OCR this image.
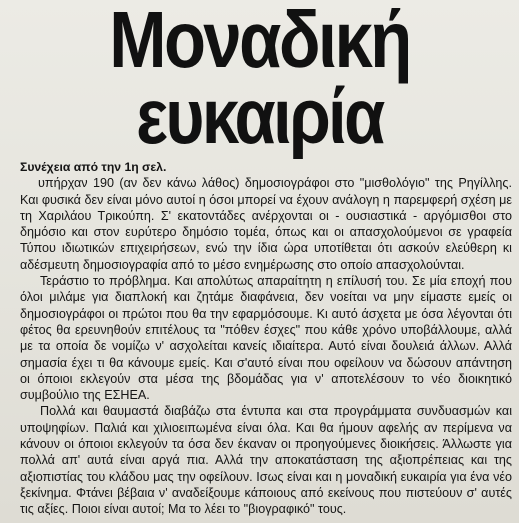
Μοναδική
ευκαιρία

Συνέχεια από την 1η σελ.

υπήρχαν 190 (αν δεν κάνω λάθος) δημοσιογράφοι στο "μισθολόγιο" της Ρηγίλλης. Και φυσικά δεν είναι μόνο αυτοί η όσοι μπορεί να έχουν ανάλογη η παρεμφερή σχέση με τη Χαριλάου Τρικούπη. Σ' εκατοντάδες ανέρχονται οι - ουσιαστικά - αργόμισθοι στο δημόσιο και στον ευρύτερο δημόσιο τομέα, όπως και οι απασχολούμενοι σε γραφεία Τύπου ιδιωτικών επιχειρήσεων, ενώ την ίδια ώρα υποτίθεται ότι ασκούν ελεύθερη κι αδέσμευτη δημοσιογραφία από το μέσο ενημέρωσης στο οποίο απασχολούνται.

Τεράστιο το πρόβλημα. Και απολύτως απαραίτητη η επίλυσή του. Σε μία εποχή που όλοι μιλάμε για διαπλοκή και ζητάμε διαφάνεια, δεν νοείται να μην είμαστε εμείς οι δημοσιογράφοι οι πρώτοι που θα την εφαρμόσουμε. Κι αυτό άσχετα με όσα λέγονται ότι φέτος θα ερευνηθούν επιτέλους τα "πόθεν έσχες" που κάθε χρόνο υποβάλλουμε, αλλά με τα οποία δε νομίζω ν' ασχολείται κανείς ιδιαίτερα. Αυτό είναι δουλειά άλλων. Αλλά σημασία έχει τι θα κάνουμε εμείς. Και σ'αυτό είναι που οφείλουν να δώσουν απάντηση οι όποιοι εκλεγούν στα μέσα της βδομάδας για ν' αποτελέσουν το νέο διοικητικό συμβούλιο της ΕΣΗΕΑ.

Πολλά και θαυμαστά διαβάζω στα έντυπα και στα προγράμματα συνδυασμών και υποψηφίων. Παλιά και χιλιοειπωμένα είναι όλα. Και θα ήμουν αφελής αν περίμενα να κάνουν οι όποιοι εκλεγούν τα όσα δεν έκαναν οι προηγούμενες διοικήσεις. Άλλωστε για πολλά απ' αυτά είναι αργά πια. Αλλά την αποκατάσταση της αξιοπρέπειας και της αξιοπιστίας του κλάδου μας την οφείλουν. Ισως είναι και η μοναδική ευκαιρία για ένα νέο ξεκίνημα. Φτάνει βέβαια ν' αναδείξουμε κάποιους από εκείνους που πιστεύουν σ' αυτές τις αξίες. Ποιοι είναι αυτοί; Μα το λέει το "βιογραφικό" τους.
